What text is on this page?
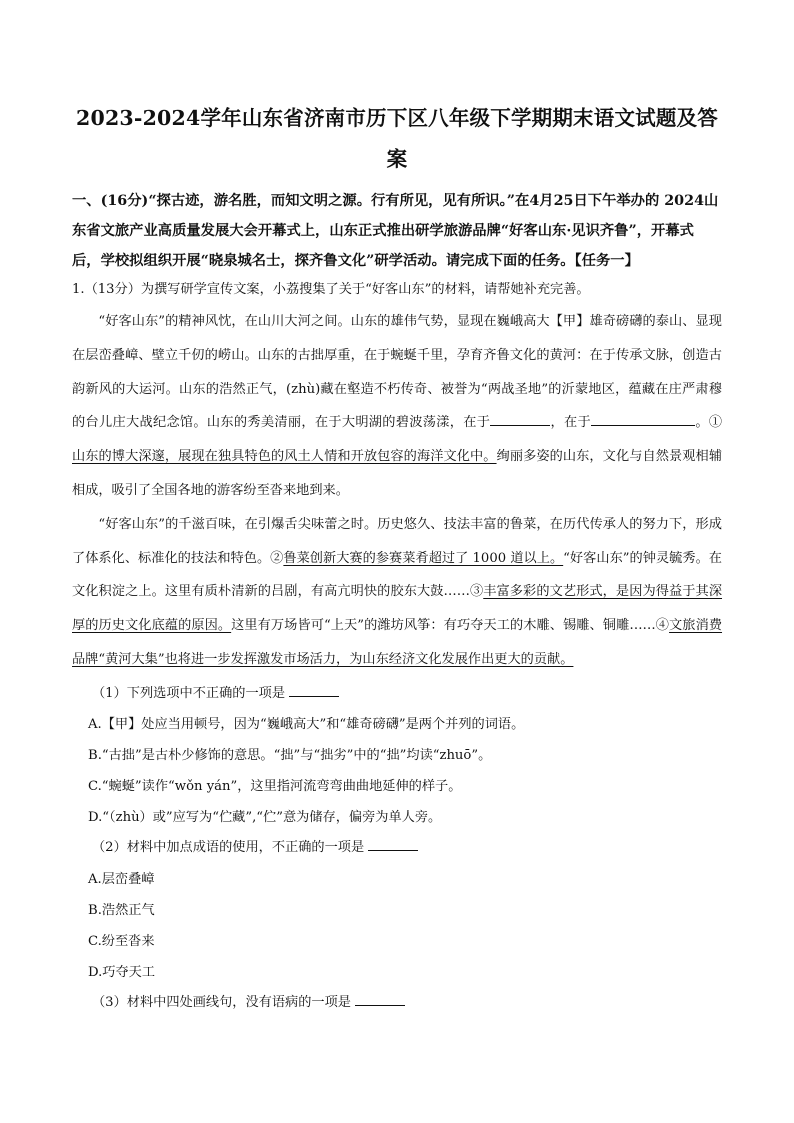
2023-2024学年山东省济南市历下区八年级下学期期末语文试题及答
案

一、(16分)“探古迹，游名胜，而知文明之源。行有所见，见有所识。”在4月25日下午举办的 2024山东省文旅产业高质量发展大会开幕式上，山东正式推出研学旅游品牌“好客山东·见识齐鲁”，开幕式后，学校拟组织开展“晓泉城名士，探齐鲁文化”研学活动。请完成下面的任务。【任务一】

1.（13分）为撰写研学宣传文案，小荔搜集了关于“好客山东”的材料，请帮她补充完善。

“好客山东”的精神风忱，在山川大河之间。山东的雄伟气势，显现在巍峨高大【甲】雄奇磅礴的泰山、显现在层峦叠嶂、壁立千仞的崂山。山东的古拙厚重，在于蜿蜒千里，孕育齐鲁文化的黄河：在于传承文脉，创造古韵新风的大运河。山东的浩然正气，(zhù)藏在壑造不朽传奇、被誉为“两战圣地”的沂蒙地区，蕴藏在庄严肃穆的台儿庄大战纪念馆。山东的秀美清丽，在于大明湖的碧波荡漾，在于	，在于	。①山东的博大深邃，展现在独具特色的风土人情和开放包容的海洋文化中。绚丽多姿的山东，文化与自然景观相辅相成，吸引了全国各地的游客纷至沓来地到来。

“好客山东”的千滋百味，在引爆舌尖味蕾之时。历史悠久、技法丰富的鲁菜，在历代传承人的努力下，形成了体系化、标准化的技法和特色。②鲁菜创新大赛的参赛菜肴超过了 1000 道以上。“好客山东”的钟灵毓秀。在文化积淀之上。这里有质朴清新的吕剧，有高亢明快的胶东大鼓……③丰富多彩的文艺形式，是因为得益于其深厚的历史文化底蕴的原因。这里有万场皆可“上天”的潍坊风筝：有巧夺天工的木雕、锡雕、铜雕……④文旅消费品牌“黄河大集”也将进一步发挥激发市场活力，为山东经济文化发展作出更大的贡献。

（1）下列选项中不正确的一项是

A.【甲】处应当用顿号，因为“巍峨高大”和“雄奇磅礴”是两个并列的词语。

B.“古拙”是古朴少修饰的意思。“拙”与“拙劣”中的“拙”均读“zhuō”。

C.“蜿蜒”读作“wǒn yán”，这里指河流弯弯曲曲地延伸的样子。

D.“（zhù）或”应写为“伫藏”,“伫”意为储存，偏旁为单人旁。

（2）材料中加点成语的使用，不正确的一项是

A.层峦叠嶂

B.浩然正气

C.纷至沓来

D.巧夺天工

（3）材料中四处画线句，没有语病的一项是
